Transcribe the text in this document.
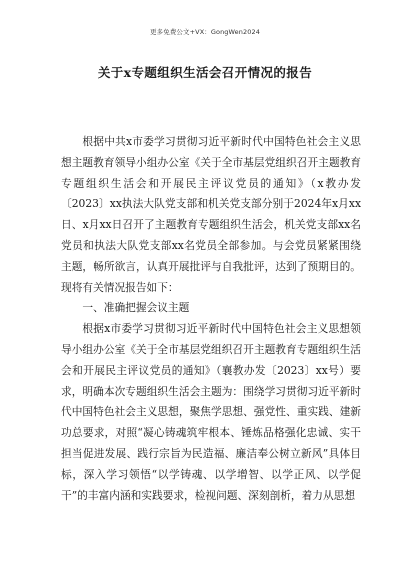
更多免费公文+VX：GongWen2024
关于x专题组织生活会召开情况的报告

根据中共x市委学习贯彻习近平新时代中国特色社会主义思想主题教育领导小组办公室《关于全市基层党组织召开主题教育专题组织生活会和开展民主评议党员的通知》（x教办发〔2023〕xx执法大队党支部和机关党支部分别于2024年x月xx日、x月xx日召开了主题教育专题组织生活会，机关党支部xx名党员和执法大队党支部xx名党员全部参加。与会党员紧紧围绕主题，畅所欲言，认真开展批评与自我批评，达到了预期目的。现将有关情况报告如下：

一、准确把握会议主题

根据x市委学习贯彻习近平新时代中国特色社会主义思想领导小组办公室《关于全市基层党组织召开主题教育专题组织生活会和开展民主评议党员的通知》（襄教办发〔2023〕xx号）要求，明确本次专题组织生活会主题为：围绕学习贯彻习近平新时代中国特色社会主义思想，聚焦学思想、强党性、重实践、建新功总要求，对照“凝心铸魂筑牢根本、锤炼品格强化忠诚、实干担当促进发展、践行宗旨为民造福、廉洁奉公树立新风”具体目标，深入学习领悟“以学铸魂、以学增智、以学正风、以学促干”的丰富内涵和实践要求，检视问题、深刻剖析，着力从思想
